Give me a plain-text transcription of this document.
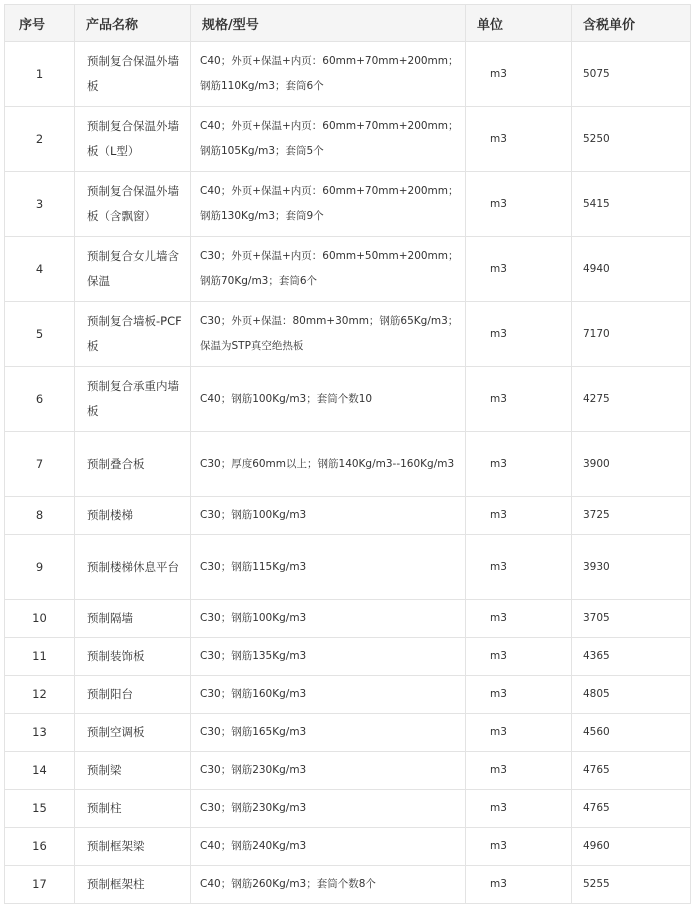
序号	产品名称	规格/型号	单位	含税单价
1	预制复合保温外墙板	C40；外页+保温+内页：60mm+70mm+200mm；钢筋110Kg/m3；套筒6个	m3	5075
2	预制复合保温外墙板（L型）	C40；外页+保温+内页：60mm+70mm+200mm；钢筋105Kg/m3；套筒5个	m3	5250
3	预制复合保温外墙板（含飘窗）	C40；外页+保温+内页：60mm+70mm+200mm；钢筋130Kg/m3；套筒9个	m3	5415
4	预制复合女儿墙含保温	C30；外页+保温+内页：60mm+50mm+200mm；钢筋70Kg/m3；套筒6个	m3	4940
5	预制复合墙板-PCF板	C30；外页+保温：80mm+30mm；钢筋65Kg/m3；保温为STP真空绝热板	m3	7170
6	预制复合承重内墙板	C40；钢筋100Kg/m3；套筒个数10	m3	4275
7	预制叠合板	C30；厚度60mm以上；钢筋140Kg/m3--160Kg/m3	m3	3900
8	预制楼梯	C30；钢筋100Kg/m3	m3	3725
9	预制楼梯休息平台	C30；钢筋115Kg/m3	m3	3930
10	预制隔墙	C30；钢筋100Kg/m3	m3	3705
11	预制装饰板	C30；钢筋135Kg/m3	m3	4365
12	预制阳台	C30；钢筋160Kg/m3	m3	4805
13	预制空调板	C30；钢筋165Kg/m3	m3	4560
14	预制梁	C30；钢筋230Kg/m3	m3	4765
15	预制柱	C30；钢筋230Kg/m3	m3	4765
16	预制框架梁	C40；钢筋240Kg/m3	m3	4960
17	预制框架柱	C40；钢筋260Kg/m3；套筒个数8个	m3	5255
